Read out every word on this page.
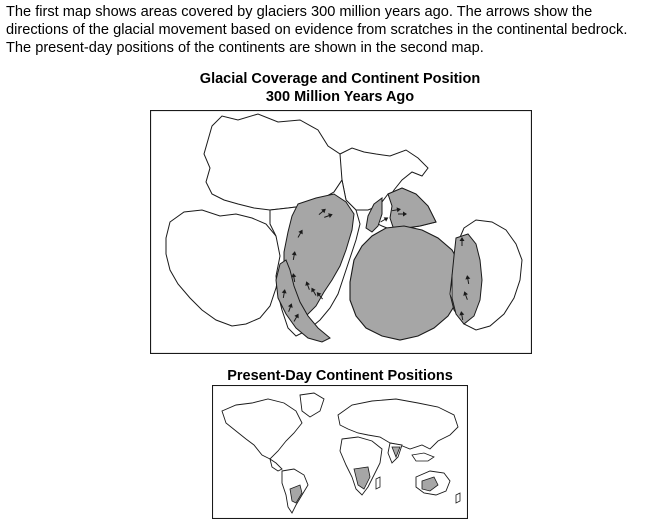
The first map shows areas covered by glaciers 300 million years ago. The arrows show the directions of the glacial movement based on evidence from scratches in the continental bedrock. The present-day positions of the continents are shown in the second map.

Glacial Coverage and Continent Position
300 Million Years Ago
Present-Day Continent Positions
